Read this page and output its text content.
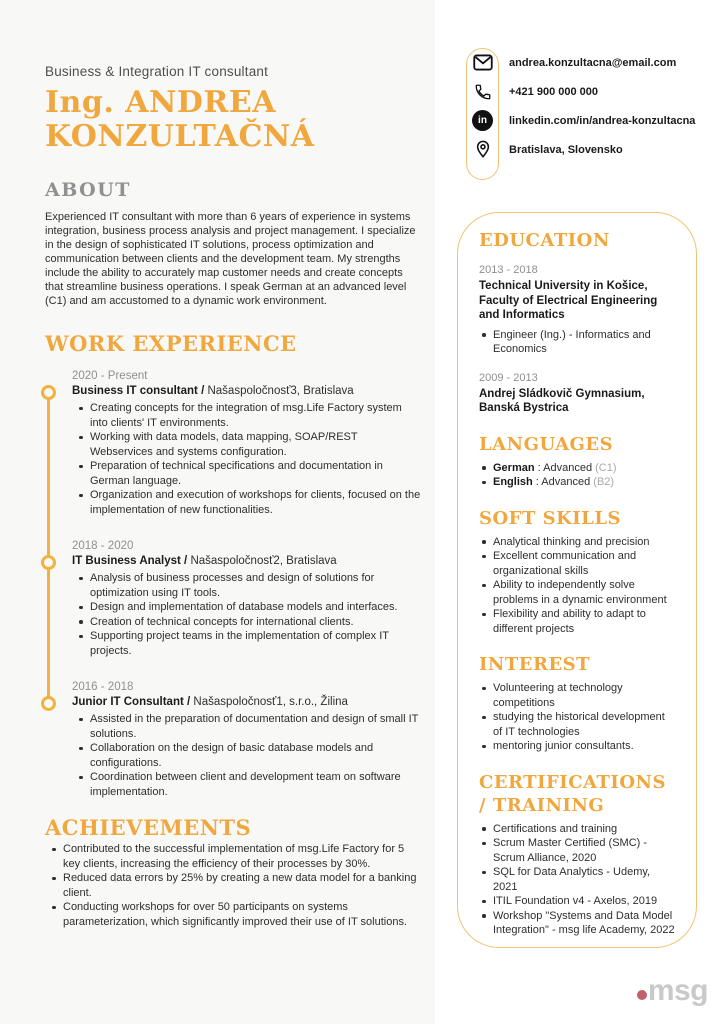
Business & Integration IT consultant
Ing. ANDREA
KONZULTAČNÁ
ABOUT
Experienced IT consultant with more than 6 years of experience in systems integration, business process analysis and project management. I specialize in the design of sophisticated IT solutions, process optimization and communication between clients and the development team. My strengths include the ability to accurately map customer needs and create concepts that streamline business operations. I speak German at an advanced level (C1) and am accustomed to a dynamic work environment.
WORK EXPERIENCE
2020 - Present
Business IT consultant / Našaspoločnosť3, Bratislava
Creating concepts for the integration of msg.Life Factory system into clients' IT environments.
Working with data models, data mapping, SOAP/REST Webservices and systems configuration.
Preparation of technical specifications and documentation in German language.
Organization and execution of workshops for clients, focused on the implementation of new functionalities.
2018 - 2020
IT Business Analyst / Našaspoločnosť2, Bratislava
Analysis of business processes and design of solutions for optimization using IT tools.
Design and implementation of database models and interfaces.
Creation of technical concepts for international clients.
Supporting project teams in the implementation of complex IT projects.
2016 - 2018
Junior IT Consultant / Našaspoločnosť1, s.r.o., Žilina
Assisted in the preparation of documentation and design of small IT solutions.
Collaboration on the design of basic database models and configurations.
Coordination between client and development team on software implementation.
ACHIEVEMENTS
Contributed to the successful implementation of msg.Life Factory for 5 key clients, increasing the efficiency of their processes by 30%.
Reduced data errors by 25% by creating a new data model for a banking client.
Conducting workshops for over 50 participants on systems parameterization, which significantly improved their use of IT solutions.
andrea.konzultacna@email.com
+421 900 000 000
in	linkedin.com/in/andrea-konzultacna
Bratislava, Slovensko
EDUCATION
2013 - 2018
Technical University in Košice, Faculty of Electrical Engineering and Informatics
Engineer (Ing.) - Informatics and Economics
2009 - 2013
Andrej Sládkovič Gymnasium, Banská Bystrica
LANGUAGES
German : Advanced (C1)
English : Advanced (B2)
SOFT SKILLS
Analytical thinking and precision
Excellent communication and organizational skills
Ability to independently solve problems in a dynamic environment
Flexibility and ability to adapt to different projects
INTEREST
Volunteering at technology competitions
studying the historical development of IT technologies
mentoring junior consultants.
CERTIFICATIONS / TRAINING
Certifications and training
Scrum Master Certified (SMC) - Scrum Alliance, 2020
SQL for Data Analytics - Udemy, 2021
ITIL Foundation v4 - Axelos, 2019
Workshop "Systems and Data Model Integration" - msg life Academy, 2022
msg
